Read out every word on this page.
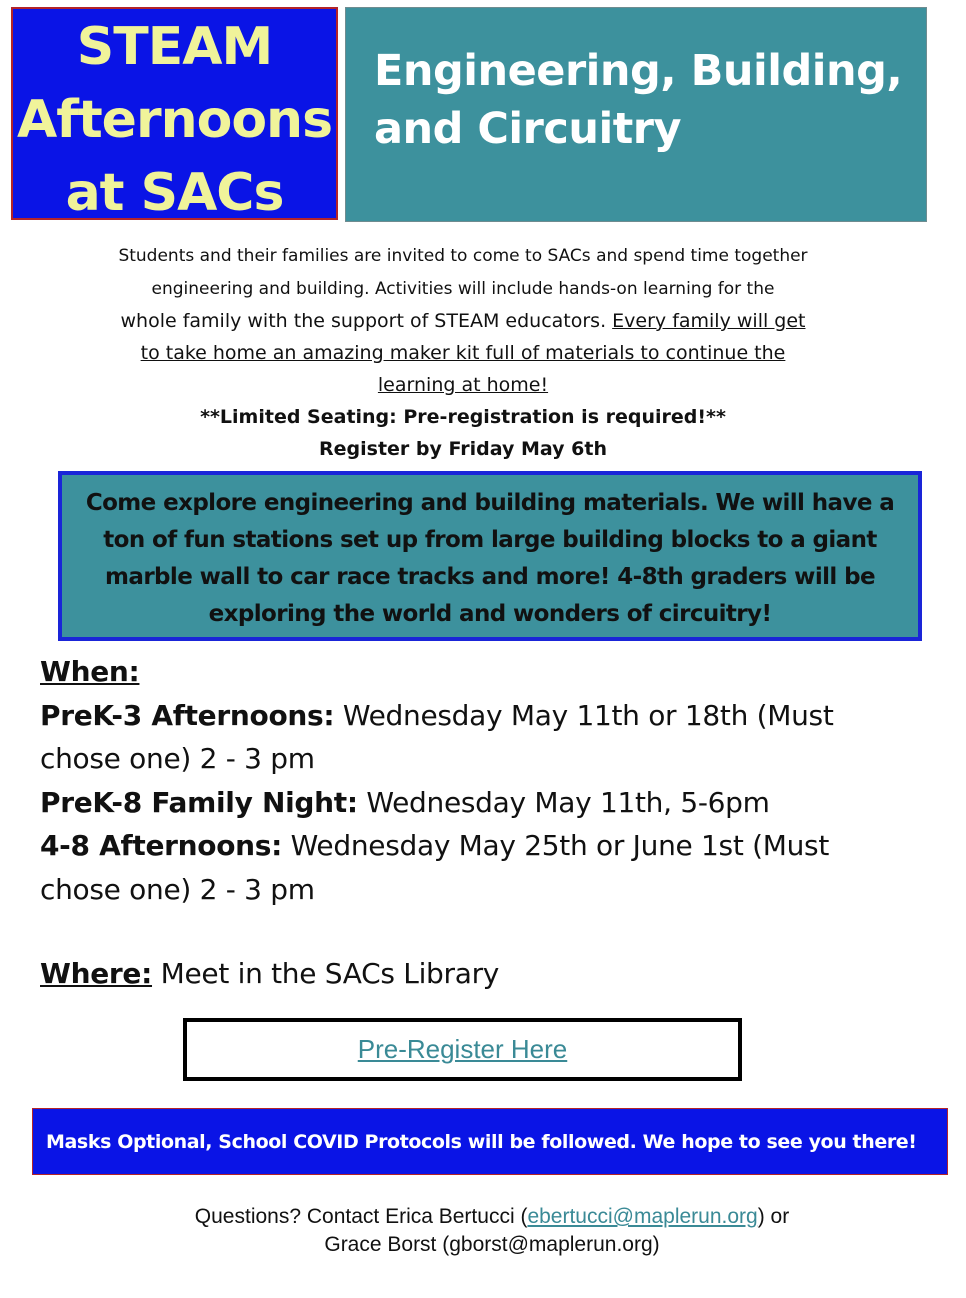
STEAM
Afternoons
at SACs
Engineering, Building,
and Circuitry
Students and their families are invited to come to SACs and spend time together
engineering and building. Activities will include hands-on learning for the
whole family with the support of STEAM educators. Every family will get
to take home an amazing maker kit full of materials to continue the
learning at home!
**Limited Seating: Pre-registration is required!**
Register by Friday May 6th
Come explore engineering and building materials. We will have a
ton of fun stations set up from large building blocks to a giant
marble wall to car race tracks and more! 4-8th graders will be
exploring the world and wonders of circuitry!
When:
PreK-3 Afternoons: Wednesday May 11th or 18th (Must
chose one) 2 - 3 pm
PreK-8 Family Night: Wednesday May 11th, 5-6pm
4-8 Afternoons: Wednesday May 25th or June 1st (Must
chose one) 2 - 3 pm
Where: Meet in the SACs Library
Pre-Register Here
Masks Optional, School COVID Protocols will be followed. We hope to see you there!
Questions? Contact Erica Bertucci (ebertucci@maplerun.org) or
Grace Borst (gborst@maplerun.org)
